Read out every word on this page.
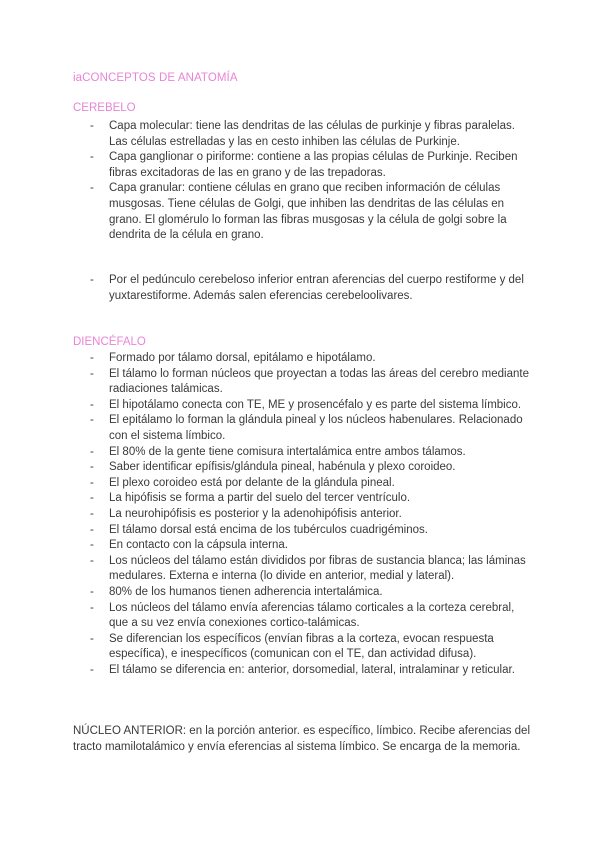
iaCONCEPTOS DE ANATOMÍA
CEREBELO
- Capa molecular: tiene las dendritas de las células de purkinje y fibras paralelas. Las células estrelladas y las en cesto inhiben las células de Purkinje.
- Capa ganglionar o piriforme: contiene a las propias células de Purkinje. Reciben fibras excitadoras de las en grano y de las trepadoras.
- Capa granular: contiene células en grano que reciben información de células musgosas. Tiene células de Golgi, que inhiben las dendritas de las células en grano. El glomérulo lo forman las fibras musgosas y la célula de golgi sobre la dendrita de la célula en grano.
- Por el pedúnculo cerebeloso inferior entran aferencias del cuerpo restiforme y del yuxtarestiforme. Además salen eferencias cerebeloolivares.
DIENCÉFALO
- Formado por tálamo dorsal, epitálamo e hipotálamo.
- El tálamo lo forman núcleos que proyectan a todas las áreas del cerebro mediante radiaciones talámicas.
- El hipotálamo conecta con TE, ME y prosencéfalo y es parte del sistema límbico.
- El epitálamo lo forman la glándula pineal y los núcleos habenulares. Relacionado con el sistema límbico.
- El 80% de la gente tiene comisura intertalámica entre ambos tálamos.
- Saber identificar epífisis/glándula pineal, habénula y plexo coroideo.
- El plexo coroideo está por delante de la glándula pineal.
- La hipófisis se forma a partir del suelo del tercer ventrículo.
- La neurohipófisis es posterior y la adenohipófisis anterior.
- El tálamo dorsal está encima de los tubérculos cuadrigéminos.
- En contacto con la cápsula interna.
- Los núcleos del tálamo están divididos por fibras de sustancia blanca; las láminas medulares. Externa e interna (lo divide en anterior, medial y lateral).
- 80% de los humanos tienen adherencia intertalámica.
- Los núcleos del tálamo envía aferencias tálamo corticales a la corteza cerebral, que a su vez envía conexiones cortico-talámicas.
- Se diferencian los específicos (envían fibras a la corteza, evocan respuesta específica), e inespecíficos (comunican con el TE, dan actividad difusa).
- El tálamo se diferencia en: anterior, dorsomedial, lateral, intralaminar y reticular.
NÚCLEO ANTERIOR: en la porción anterior. es específico, límbico. Recibe aferencias del tracto mamilotalámico y envía eferencias al sistema límbico. Se encarga de la memoria.
